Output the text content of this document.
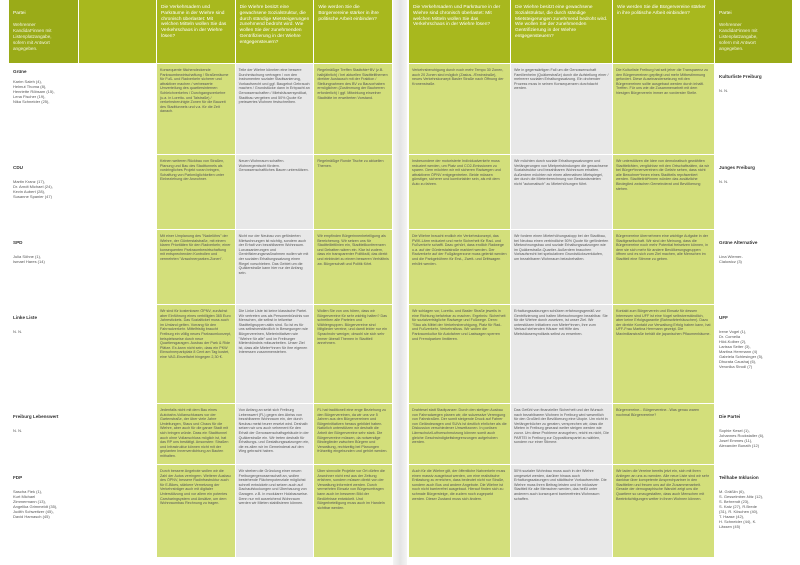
Partei

Wehrenner
Kandidat*innen mit
Listenplatzangabe,
sofern mit Antwort
angegeben.

Die Verkehrsadern und Parkräume in der Wiehre sind chronisch überlastet: Mit welchen Mitteln wollen Sie das Verkehrschaos in der Wiehre lösen?
Die Wiehre besitzt eine gewachsene Sozialstruktur, die durch ständige Mietsteigerungen zunehmend bedroht wird. Wie wollen Sie der zunehmenden Gentrifizierung in der Wiehre entgegensteuern?
Wie werden Sie die Bürgervereine stärker in ihre politische Arbeit einbinden?
Grüne
Karim Saleh (4),
Helmut Thoma (8),
Henriette Röbsam (15),
Lena Fischer (19),
Nika Schneider (25),
Konsequente flächendeckende Parkraumbewirtschaftung / Straßenräume für Fuß- und Radverkehr sicherer und attraktiver machen / verbesserte Umverteilung des quartiersinternen Schleichverkehrs / Durchgangsverkehre (u.a. in Loretto- und Talstraße) / verkehrsberuhigte Zonen für die Bauzeit des Stadttunnels und v.a. für die Zeit danach.
Teile der Wiehre könnten eine bessere Durchmischung vertragen / von den Instrumenten sozialer Stadtsanierung, Vorkaufsrecht und ggf. Baugebot Gebrauch machen / Grundstücke dann in Erbpacht an Genossenschaften / Mietshäusersyndikat, Stadtbau vergeben und 50% Quote für preiswertes Wohnen festschreiben.
Regelmäßige Treffen Stadträte+BV (z.B. halbjährlich) / bei aktuellen Stadtteilthemen direkter Austausch mit der Fraktion / Stellungnahmen des BV zu Bauvorhaben ermöglichen (Zustimmung der Bauherren erforderlich) / ggf. Mitwirkung einzelner Stadträte im erweiterten Vorstand.

CDU

Martin Kranz (17),
Dr. Arndt Michael (24),
Kevin Aubert (28),
Susanne Spanier (47)

Keinen weiteren Rückbau von Straßen, Planung und Bau des Stadttunnels als vordringliches Projekt voran bringen, Schaffung von Parkmöglichkeiten unter Einbeziehung der Anwohner.
Neuen Wohnraum schaffen. Wohnergemischt fördern. Genossenschaftliches Bauen unterstützen.
Regelmäßige Runde Tische zu aktuellen Themen.

SPD

Julia Söhne (1),
Ismael Hares (14)

Mit einer Umplanung des "Nadelöhrs" der Wiehre, der Günterstalstraße, mit einem klaren Prioritäten für den Radverkehr, einer konsequenten Parkraumbewirtschaftung mit entsprechenden Kontrollen und vermehrten "Anwohnerparken-Zonen".
Nicht nur der Neubau von geförderten Mietwohnungen ist wichtig, sondern auch der Erhalt von bezahlbarem Wohnraum. Luxussanierungen und Gentrifizierungsmaßnahmen wollen wir mit der sozialen Erhaltungssatzung einen Riegel vorschieben. Das Gebiet um die Quäkerstraße kann hier nur der Anfang sein.
Wir empfinden Bürgerinnenbeteiligung als Bereicherung. Wir setzen uns für Stadtteilleitlinien ein, Stadtteilkonferenzen und Debatten wären ein. Klar ist zudem, dass ein transparenter Politikstil, das direkt und einbindet zu einem besseren Verhältnis zw. Bürgerschaft und Politik führt.

Linke Liste

N. N.

Wir sind für kostenlosen ÖPNV, zunächst aber Einführung eines verbilligten 365 Euro Jahrestickets. Das Sozialticket muss auch im Umland gelten. Vorrang für den Fahrradverkehr. Mittelfristig braucht Freiburg ein völlig neues Parkraumkonzept, beispielsweise durch neue Quartiersgaragen. Ausbau der Park & Ride Plätze. Ex-kann nicht sein, dass ein PKW Einwohnerparkplatz 8 Cent am Tag kostet, eine VAG-Einzelfahrt hingegen 2,30 €.
Die Linke Liste ist keine klassische Partei. Wir vertreten uns als Personenbündnis von Menschen, die selbst in teilweise Stadtteilgruppen aktiv sind. So ist es für uns selbstverständlich in Bewegungen wie Bürgervereinen, Mieterinitiativen wie "Wiehre für alle" und im Freiburger Mietenbündnis mitzuarbeiten. Unser Ziel ist, dass alle Mieter*innen für ihre eigenen Interessen zusammenstehen.
Wollen Sie von uns hören, dass wir Bürgervereine für sehr wichtig halten? Das schreiben alle Parteien und Wählergruppen. Bürgervereine sind Mitglieder vereine, und damit leider nur ein Sprachrohr weniger, obwohl sie sich sehr immer überall Themen in Stadtteil annehmen.

Freiburg Lebenswert

N. N.

Jedenfalls nicht mit dem Bau eines Autobahn-Vollanschlusses vor der Gartenstraße, der über viele Jahre Umleitungen, Staus und Chaos für die Wiehre, aber auch für die ganze Stadt mit sich bringen würde. Dass ein Stadttunnel auch ohne Vollanschluss möglich ist, hat das RP uns bestätigt. Ansonsten: Straßen und Infrastruktur können nicht mit der geplanten Innenverdichtung an Bauten mithalten.
Von Anfang an setzt sich Freiburg Lebenswert (FL) gegen den Abriss von bezahlbarem Wohnraum ein, der durch Neubau meist teurer ersetzt wird. Deshalb setzen wir uns auch vehement für den Erhalt der Genossenschaftsgebäude in der Quäkerstraße ein. Wir treten deshalb für Erhaltungs- und Gestaltungssatzungen ein, die es allen wir im Gemeinderat auf den Weg gebracht haben.
FL hat traditionell eine enge Beziehung zu den Bürgervereinen, da wir uns vor 5 Jahren aus den Bürgervereinen und Bürgerinitiativen heraus gebildet haben. Natürlich unterstützen wir deshalb die Arbeit der Bürgervereine sehr stark. Die Bürgervereine müssen, da notwendige Bindeglieder zwischen Bürgern und Verwaltung, rechtzeitig bei Planungen frühzeitig eingebunden und gehört werden.

FDP

Sascha Fiek (1),
Kurt Michael
Zimmermann (13),
Angelika Grimmeldt (35),
Judith Schweitzer (45),
David Harnasch (45)

Durch bessere Angebote wollen wir die Zahl der Autos verringern. Weiterer Ausbau des ÖPNV, bessere Radinfrastruktur auch für E-Bikes, stärkere Vernetzung der Verkehrsträger auch mit digitaler Unterstützung und vor allem ein potentes Carsharingsystem und Ansätze, um dem Wohnraumbau Rechnung zu tragen.
Wir streben die Gründung einer neuen Freiburgergenossenschaft an, wollen bestehende Flächenpotenziale möglichst schnell entwickeln und setzen auch auf Dachaufstockungen und Überbauung von Garagen. z.B. in modularer Holzbauweise. Denn nur mit ausreichend Wohnraum werden wir Mieten stabilisieren können.
Über sinnvolle Projekte vor Ort dürfen die Anwohner nicht erst aus der Zeitung erfahren, sondern müssen direkt von der Verwaltung informiert werden. Durch vermehrten Einsatz von Bürgerumfragen kann auch im besseren Bild der Bedürfnisse entwickelt. Und Bürgerbeteiligung muss auch im Handeln sichtbar werden.
Die Verkehrsadern und Parkräume in der Wiehre sind chronisch überlastet: Mit welchen Mitteln wollen Sie das Verkehrschaos in der Wiehre lösen?
Die Wiehre besitzt eine gewachsene Sozialstruktur, die durch ständige Mietsteigerungen zunehmend bedroht wird. Wie wollen Sie der zunehmenden Gentrifizierung in der Wiehre entgegensteuern?
Wie werden Sie die Bürgervereine stärker in ihre politische Arbeit einbinden?	Partei

Wehrenner
Kandidat*innen mit
Listenplatzangabe,
sofern mit Antwort
angegeben.

Verkehrsberuhigung durch noch mehr Tempo 30 Zonen, auch 20 Zonen sind möglich (Zasius- /Erwinstraße), neues Verkehrskonzept Basler Straße nach Öffnung der Kronenstraße.
Wie in gegenwärtigen Fall um die Genossenschaft Familienheim (Quäkerstraße) durch die Aufstellung einer / mehrerer sozialen Erhaltungssatzung. Ein drohender Prozess muss in seinen Konsequenzen durchdacht werden.
Die Kulturliste Freiburg hat seit jeher die Transparenz zu den Bürgervereinen gepflegt und mehr Mitbestimmung gefordert. Diese Auseinandersetzung mit den Bürgervereinen sollte ausgebaut werden durch inhaltl. Treffen. Für uns wie die Zusammenarbeit mit dem hiesigen Bürgerverein immer an vorderster Stelle.

Kulturliste Freiburg

N. N.

Insbesondere der motorisierte Individualverkehr muss reduziert werden, um Platz und CO2-Emissionen zu sparen. Dem möchten wir mit sicheren Radwegen und attraktivem ÖPNV entgegentreten. Beide müssen günstiger, sicherer und komfortabler sein, als mit dem Auto zu fahren.
Wir möchten durch soziale Erhaltungssatzungen und Verlängerungen von Mietpreisbindungen die gewachsene Sozialstruktur und bezahlbaren Wohnraum erhalten. Außerdem möchten wir einen alternativen Mietspiegel, der durch die Mieterberechnung von Bestandsmieten nicht "automatisch" zu Mieterhöhungen führt.
Wir unterstützen die Idee von demokratisch gewählten Stadtteilräten, verglichbar mit den Ortschaftsräten, da wir bei Bürger*innenvereinen die Gefahr sehen, dass nicht alle Bewohner*innen eines Stadtteils repräsentiert werden. Stadtteilrät*innen würden das zusätzliche Bindeglied zwischen Gemeinderat und Bevölkerung stehen.

Junges Freiburg

N. N.

Die Wiehre braucht endlich ein Verkehrskonzept, das PWK-Lärm reduziert und mehr Sicherheit für Rad- und Fußverkehr schafft. Dazu gehört, dass endlich Radwege u.a. auf der Günterstalstraße markiert werden. Der Radverkehr auf der Fußgängerzone muss gelenkt werden und die Parkgebühren für Erst-, Zweit- und Drittwagen erhöht werden.
Wir fordern einen Mieterhöhungsstopp bei der Stadtbau, bei Neubau einen verbindliche 50% Quote für geförderten Mietwohnungsbau und soziale Erhaltungssatzungen wie im Quäkerstraße-Quartier. Außerdem brauchen Vorkaufsrecht bei spekulativen Grundstücksverkäufen, um bezahlbaren Wohnraum beizubehalten.
Bürgervereine übernehmen eine wichtige Aufgabe in der Stadtgesellschaft. Wir sind der Meinung, dass die Bürgervereine noch mehr Potential freisetzen können, in dem sie sich mehr für andere Bevölkerungsgruppen öffnen und es sich zum Ziel machen, alle Menschen im Stadtteil eine Stimme zu geben.

Grüne Alternative

Lina Wiemer-
Cialowicz (3)

Wir schlagen vor, Loretto- und Basler Straße jeweils in eine Richtung befahrbar zu machen. Ergebnis: Sicherheit für sozialverträgliche Radwege und Fußwege. Denn: "Stau als Mittel der Verkehrsberuhigung, Platz für Rad- und Fußverkehr, Verkehrsfluss. Wir wollen die Parkraumkultur für Autofahrer und Lastwagen sperren und Fremdparken limitieren.
Erhaltungssatzungen schützen erfahrungsgemäß vor Gentrifizierung und halten Mietwohnungen bezahlbar. Sie für die Wiehre durch zusetzen, ist unser Ziel. Wir unterstützen Initiativen von Mieter*innen, ihre zum Verkauf stehenden Häuser mit Hilfe des Mietshäusersyndikats selbst zu erwerben.
Kontakt zum Bürgerverein und Einsatz für dessen Interessen sind UFF ist eine Vogel selbstverständlich, aber keine Erfolgsgarantie (Bahnwärterhäuschen). Dazu der direkte Kontakt zur Verwaltung Erfolg haben kann, hat UFF-Frau Martina Herrmann gezeigt. Die Maximilianstraße behält die japanischen Pflaumenbäume.

UFF

Irene Vogel (1),
Dr. Cornelia
Höd-Kolber (2),
Larissa Seiter (3),
Martina Herrmann (4)
Gabriela Schlesinger (5),
Dhurata Caushaj (6),
Veronika Strodl (7)

Drahtesel statt Stadtpanzer. Durch den stetigen Ausbau von Fahrradwegen planen wir, die sukzessive Verengung von Fahrstraßen. Der somit steigende Druck auf Fahrer von Geländewagen und SUVs ist deutlich ehrlicher als die Diskussion verschiedener Umweltzonen. In porösen Lärmschutz/Luftverschmutzung können somit auch gleiche Geschwindigkeitsbegrenzungen aufgehoben werden.
Das Gefühl von finanzieller Sicherheit und der Wunsch nach bezahlbarem Wohnen in Freiburg wird wesentlich für den Großteil der Bevölkerung eine Utopie. Um nicht in Verlängerbücher zu geraten, versprechen wir, dass die Mieten in Freiburg gewusst weiter steigen werden wie zuvor. Um diese Probleme anzugehen, reicht es nicht, Die PARTEI in Freiburg zur Oppositionspartei zu wählen, sondern nur einer Stimme.
Bürgervereine... Bürgervereine...Was genau waren nochmal Bürgervereine?	Die Partei

Sophie Kesel (1),
Johannes Rockstaller (6),
Josef Emmes (11),
Alexander Bunath (12)

Auch für die Wiehre gilt, der öffentliche Nahverkehr muss einen massiv ausgebaut werden, um eine realistische Entlastung zu erreichen, dass bedeutet nicht nur Straße, sondern auch Bus und andere Angebote. Die Wiehre ist noch nicht barrierefrei ausgebaut. Hierauf finden sich zu schmale Bürgersteige, die zudem noch zugeparkt werden. Dieser Zustand muss sich ändern.
50% sozialer Wohnbau muss auch in der Wiehre umgesetzt werden, darüber hinaus auch Erhaltungssatzungen und städtische Vorkaufsrechte. Die Wiehre muss ihren Beitrag leisten und im inklusiver Stadtteil für alle Menschen werden, das heißt unter anderem auch konsequent barrierefreies Wohnraum schaffen.
Wir laden die Vereine bereits jetzt ein, sich mit ihren Anliegen an uns zu wenden. Alle neue Liste sind wir sehr dankbar über kompetente Ansprechpartner in den Stadtteilen und freuen uns auf die Zusammenarbeit. Gerade der demographische Wandel zeigt uns die Quartiere so umzugestalten, dass auch Menschen mit Beeinträchtigungen weiter in ihnen Wohnen können.

Teilhabe Inklusion

M. Gräßlin (6),
S. Gesselmber-Nitz (12),
S. Behrendt (23),
S. Katz (27), R.Brede
(31), R. Köschen (40),
T. Haase (42),
H. Schneider (44), K.
Lässen (45)
